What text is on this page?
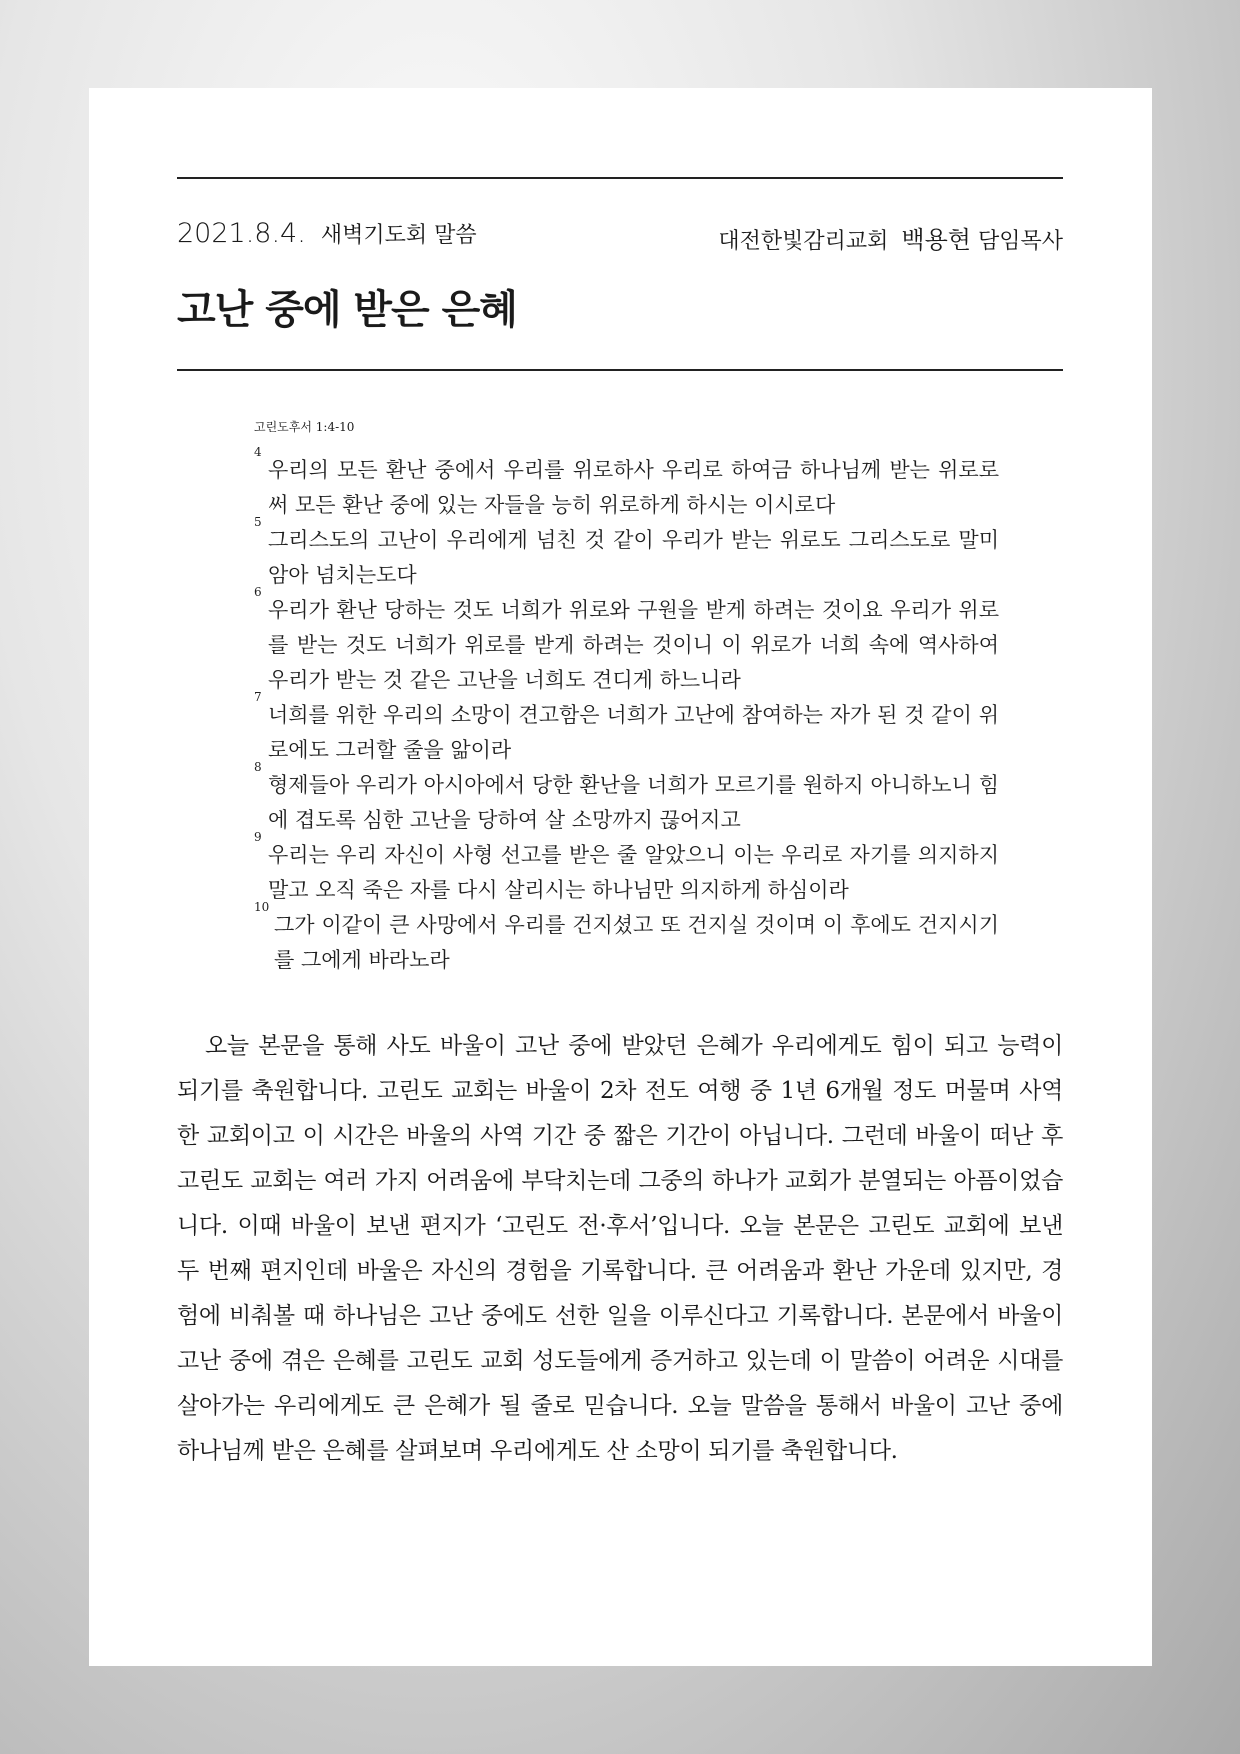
2021.8.4. 새벽기도회 말씀	대전한빛감리교회 백용현 담임목사
고난 중에 받은 은혜
고린도후서 1:4-10
4
우리의 모든 환난 중에서 우리를 위로하사 우리로 하여금 하나님께 받는 위로로써 모든 환난 중에 있는 자들을 능히 위로하게 하시는 이시로다
5
그리스도의 고난이 우리에게 넘친 것 같이 우리가 받는 위로도 그리스도로 말미암아 넘치는도다
6
우리가 환난 당하는 것도 너희가 위로와 구원을 받게 하려는 것이요 우리가 위로를 받는 것도 너희가 위로를 받게 하려는 것이니 이 위로가 너희 속에 역사하여 우리가 받는 것 같은 고난을 너희도 견디게 하느니라
7
너희를 위한 우리의 소망이 견고함은 너희가 고난에 참여하는 자가 된 것 같이 위로에도 그러할 줄을 앎이라
8
형제들아 우리가 아시아에서 당한 환난을 너희가 모르기를 원하지 아니하노니 힘에 겹도록 심한 고난을 당하여 살 소망까지 끊어지고
9
우리는 우리 자신이 사형 선고를 받은 줄 알았으니 이는 우리로 자기를 의지하지 말고 오직 죽은 자를 다시 살리시는 하나님만 의지하게 하심이라
10
그가 이같이 큰 사망에서 우리를 건지셨고 또 건지실 것이며 이 후에도 건지시기를 그에게 바라노라

오늘 본문을 통해 사도 바울이 고난 중에 받았던 은혜가 우리에게도 힘이 되고 능력이 되기를 축원합니다. 고린도 교회는 바울이 2차 전도 여행 중 1년 6개월 정도 머물며 사역한 교회이고 이 시간은 바울의 사역 기간 중 짧은 기간이 아닙니다. 그런데 바울이 떠난 후 고린도 교회는 여러 가지 어려움에 부닥치는데 그중의 하나가 교회가 분열되는 아픔이었습니다. 이때 바울이 보낸 편지가 ‘고린도 전·후서’입니다. 오늘 본문은 고린도 교회에 보낸 두 번째 편지인데 바울은 자신의 경험을 기록합니다. 큰 어려움과 환난 가운데 있지만, 경험에 비춰볼 때 하나님은 고난 중에도 선한 일을 이루신다고 기록합니다. 본문에서 바울이 고난 중에 겪은 은혜를 고린도 교회 성도들에게 증거하고 있는데 이 말씀이 어려운 시대를 살아가는 우리에게도 큰 은혜가 될 줄로 믿습니다. 오늘 말씀을 통해서 바울이 고난 중에 하나님께 받은 은혜를 살펴보며 우리에게도 산 소망이 되기를 축원합니다.
